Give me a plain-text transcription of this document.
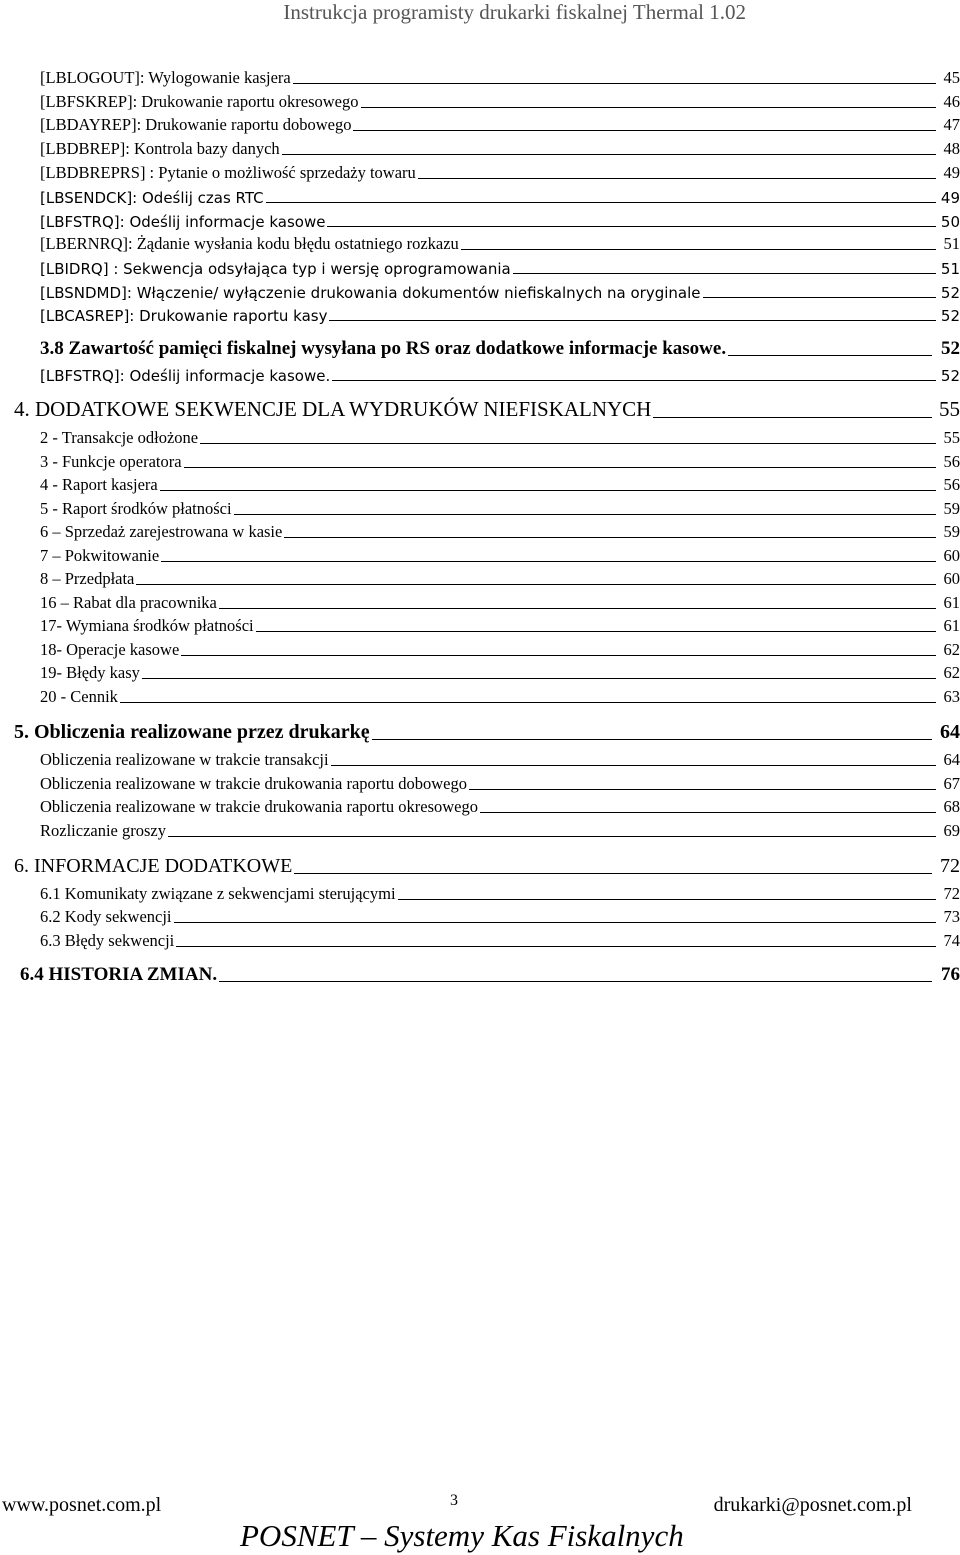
Instrukcja programisty drukarki fiskalnej Thermal 1.02
[LBLOGOUT]: Wylogowanie kasjera	45
[LBFSKREP]: Drukowanie raportu okresowego	46
[LBDAYREP]: Drukowanie raportu dobowego	47
[LBDBREP]: Kontrola bazy danych	48
[LBDBREPRS] : Pytanie o możliwość sprzedaży towaru	49
[LBSENDCK]: Odeślij czas RTC	49
[LBFSTRQ]: Odeślij informacje kasowe	50
[LBERNRQ]: Żądanie wysłania kodu błędu ostatniego rozkazu	51
[LBIDRQ] : Sekwencja odsyłająca typ i wersję oprogramowania	51
[LBSNDMD]: Włączenie/ wyłączenie drukowania dokumentów niefiskalnych na oryginale	52
[LBCASREP]: Drukowanie raportu kasy	52
3.8 Zawartość pamięci fiskalnej wysyłana po RS oraz dodatkowe informacje kasowe.	52
[LBFSTRQ]: Odeślij informacje kasowe.	52
4. DODATKOWE SEKWENCJE DLA WYDRUKÓW NIEFISKALNYCH	55
2 - Transakcje odłożone	55
3 - Funkcje operatora	56
4 - Raport kasjera	56
5 - Raport środków płatności	59
6 – Sprzedaż zarejestrowana w kasie	59
7 – Pokwitowanie	60
8 – Przedpłata	60
16 – Rabat dla pracownika	61
17- Wymiana środków płatności	61
18- Operacje kasowe	62
19- Błędy kasy	62
20 - Cennik	63
5. Obliczenia realizowane przez drukarkę	64
Obliczenia realizowane w trakcie transakcji	64
Obliczenia realizowane w trakcie drukowania raportu dobowego	67
Obliczenia realizowane w trakcie drukowania raportu okresowego	68
Rozliczanie groszy	69
6. INFORMACJE DODATKOWE	72
6.1 Komunikaty związane z sekwencjami sterującymi	72
6.2 Kody sekwencji	73
6.3 Błędy sekwencji	74
6.4 HISTORIA ZMIAN.	76
www.posnet.com.pl	3	drukarki@posnet.com.pl
POSNET – Systemy Kas Fiskalnych
